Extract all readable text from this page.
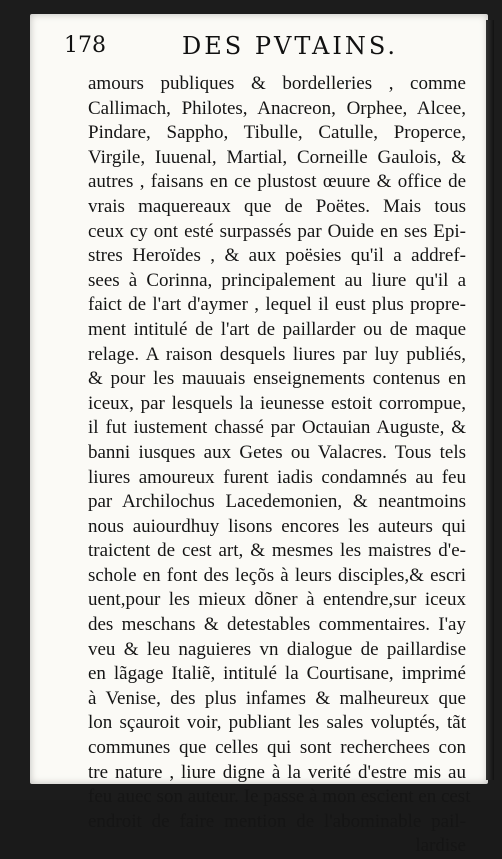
178	DES PVTAINS.
amours publiques & bordelleries , comme
Callimach, Philotes, Anacreon, Orphee, Alcee,
Pindare, Sappho, Tibulle, Catulle, Properce,
Virgile, Iuuenal, Martial, Corneille Gaulois, &
autres , faisans en ce plustost œuure & office de
vrais maquereaux que de Poëtes. Mais tous
ceux cy ont esté surpassés par Ouide en ses Epi-
stres Heroïdes , & aux poësies qu'il a addref-
sees à Corinna, principalement au liure qu'il a
faict de l'art d'aymer , lequel il eust plus propre-
ment intitulé de l'art de paillarder ou de maque
relage. A raison desquels liures par luy publiés,
& pour les mauuais enseignements contenus en
iceux, par lesquels la ieunesse estoit corrompue,
il fut iustement chassé par Octauian Auguste, &
banni iusques aux Getes ou Valacres. Tous tels
liures amoureux furent iadis condamnés au feu
par Archilochus Lacedemonien, & neantmoins
nous auiourdhuy lisons encores les auteurs qui
traictent de cest art, & mesmes les maistres d'e-
schole en font des leçõs à leurs disciples,& escri
uent,pour les mieux dõner à entendre,sur iceux
des meschans & detestables commentaires. I'ay
veu & leu naguieres vn dialogue de paillardise
en lãgage Italiẽ, intitulé la Courtisane, imprimé
à Venise, des plus infames & malheureux que
lon sçauroit voir, publiant les sales voluptés, tãt
communes que celles qui sont recherchees con
tre nature , liure digne à la verité d'estre mis au
feu auec son auteur. Ie passe à mon escient en cest
endroit de faire mention de l'abominable pail-
lardise
